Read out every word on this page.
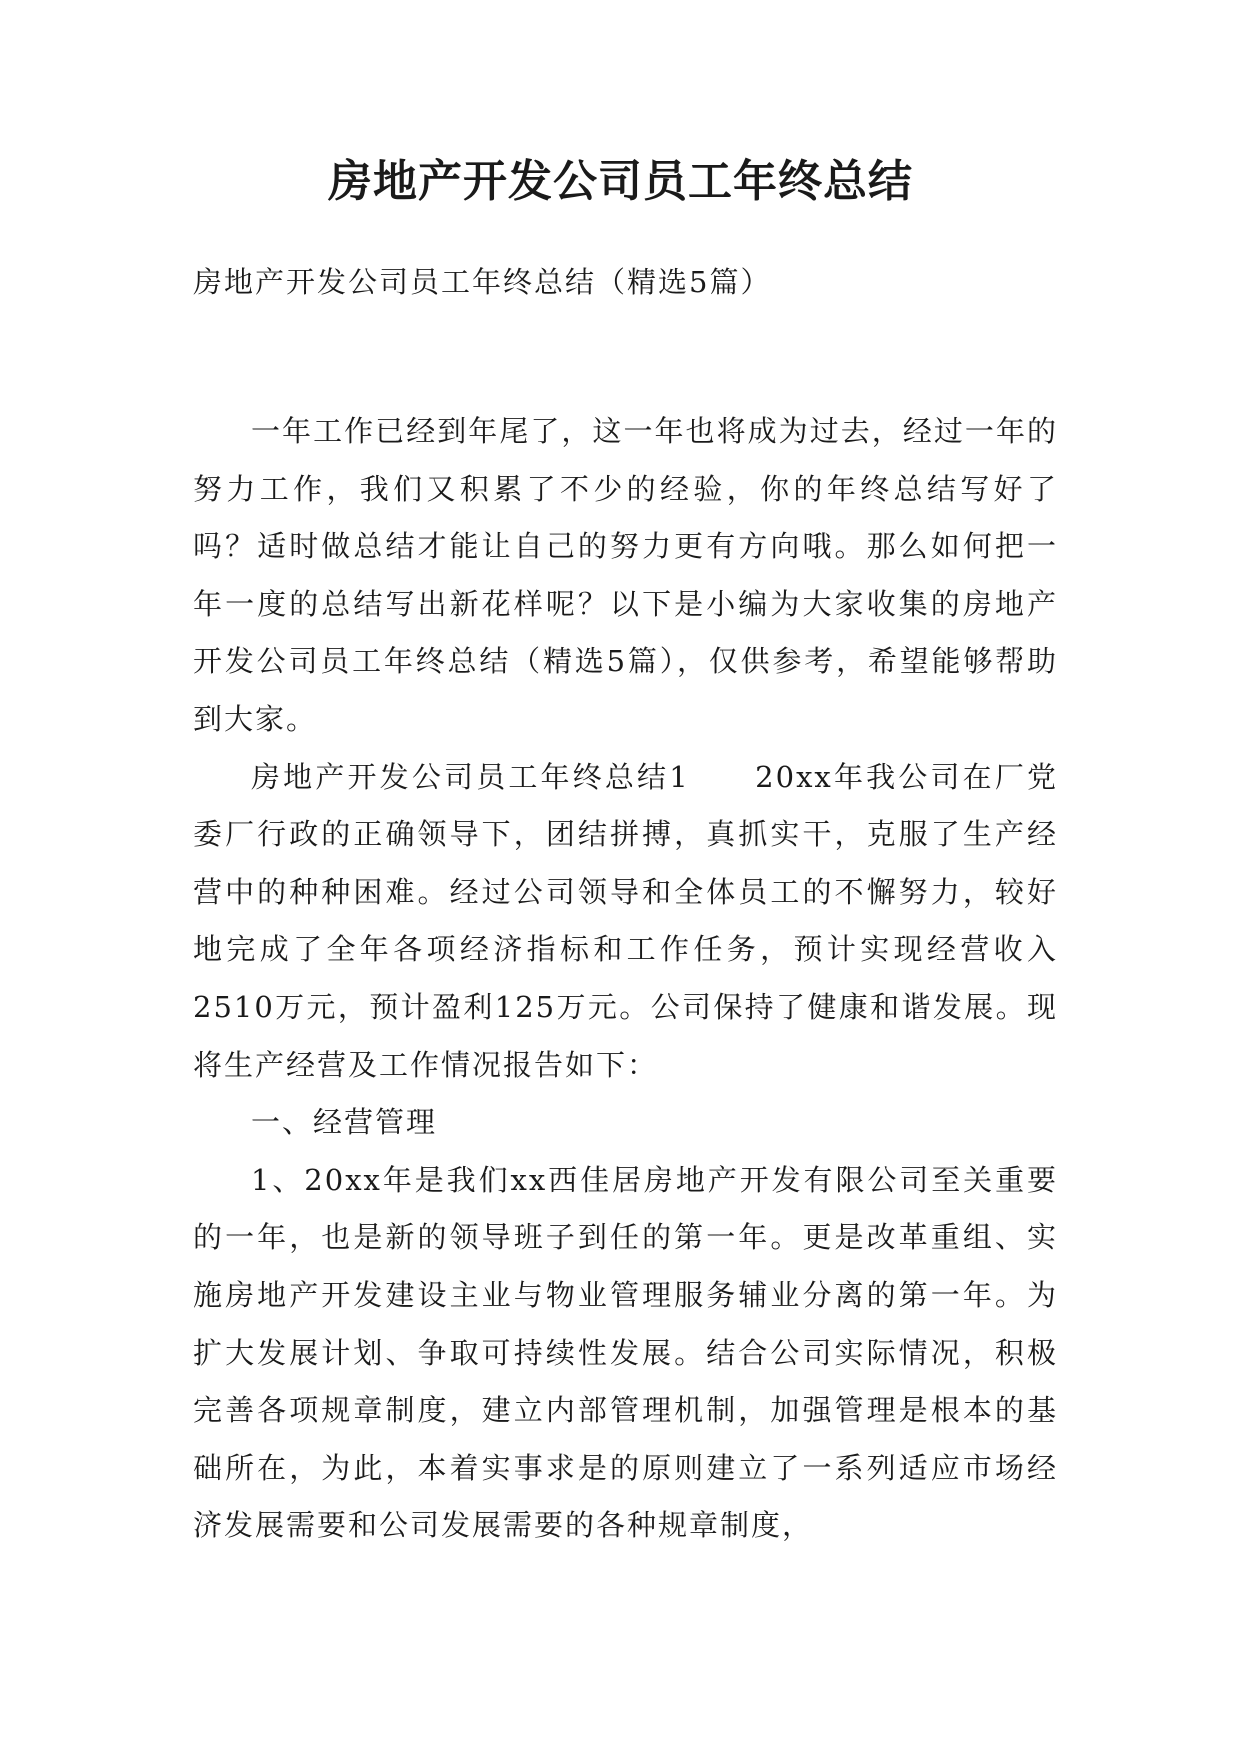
房地产开发公司员工年终总结

房地产开发公司员工年终总结（精选5篇）

一年工作已经到年尾了，这一年也将成为过去，经过一年的努力工作，我们又积累了不少的经验，你的年终总结写好了吗？适时做总结才能让自己的努力更有方向哦。那么如何把一年一度的总结写出新花样呢？以下是小编为大家收集的房地产开发公司员工年终总结（精选5篇），仅供参考，希望能够帮助到大家。

房地产开发公司员工年终总结1　　20xx年我公司在厂党委厂行政的正确领导下，团结拼搏，真抓实干，克服了生产经营中的种种困难。经过公司领导和全体员工的不懈努力，较好地完成了全年各项经济指标和工作任务，预计实现经营收入2510万元，预计盈利125万元。公司保持了健康和谐发展。现将生产经营及工作情况报告如下：

一、经营管理

1、20xx年是我们xx西佳居房地产开发有限公司至关重要的一年，也是新的领导班子到任的第一年。更是改革重组、实施房地产开发建设主业与物业管理服务辅业分离的第一年。为扩大发展计划、争取可持续性发展。结合公司实际情况，积极完善各项规章制度，建立内部管理机制，加强管理是根本的基础所在，为此，本着实事求是的原则建立了一系列适应市场经济发展需要和公司发展需要的各种规章制度，
